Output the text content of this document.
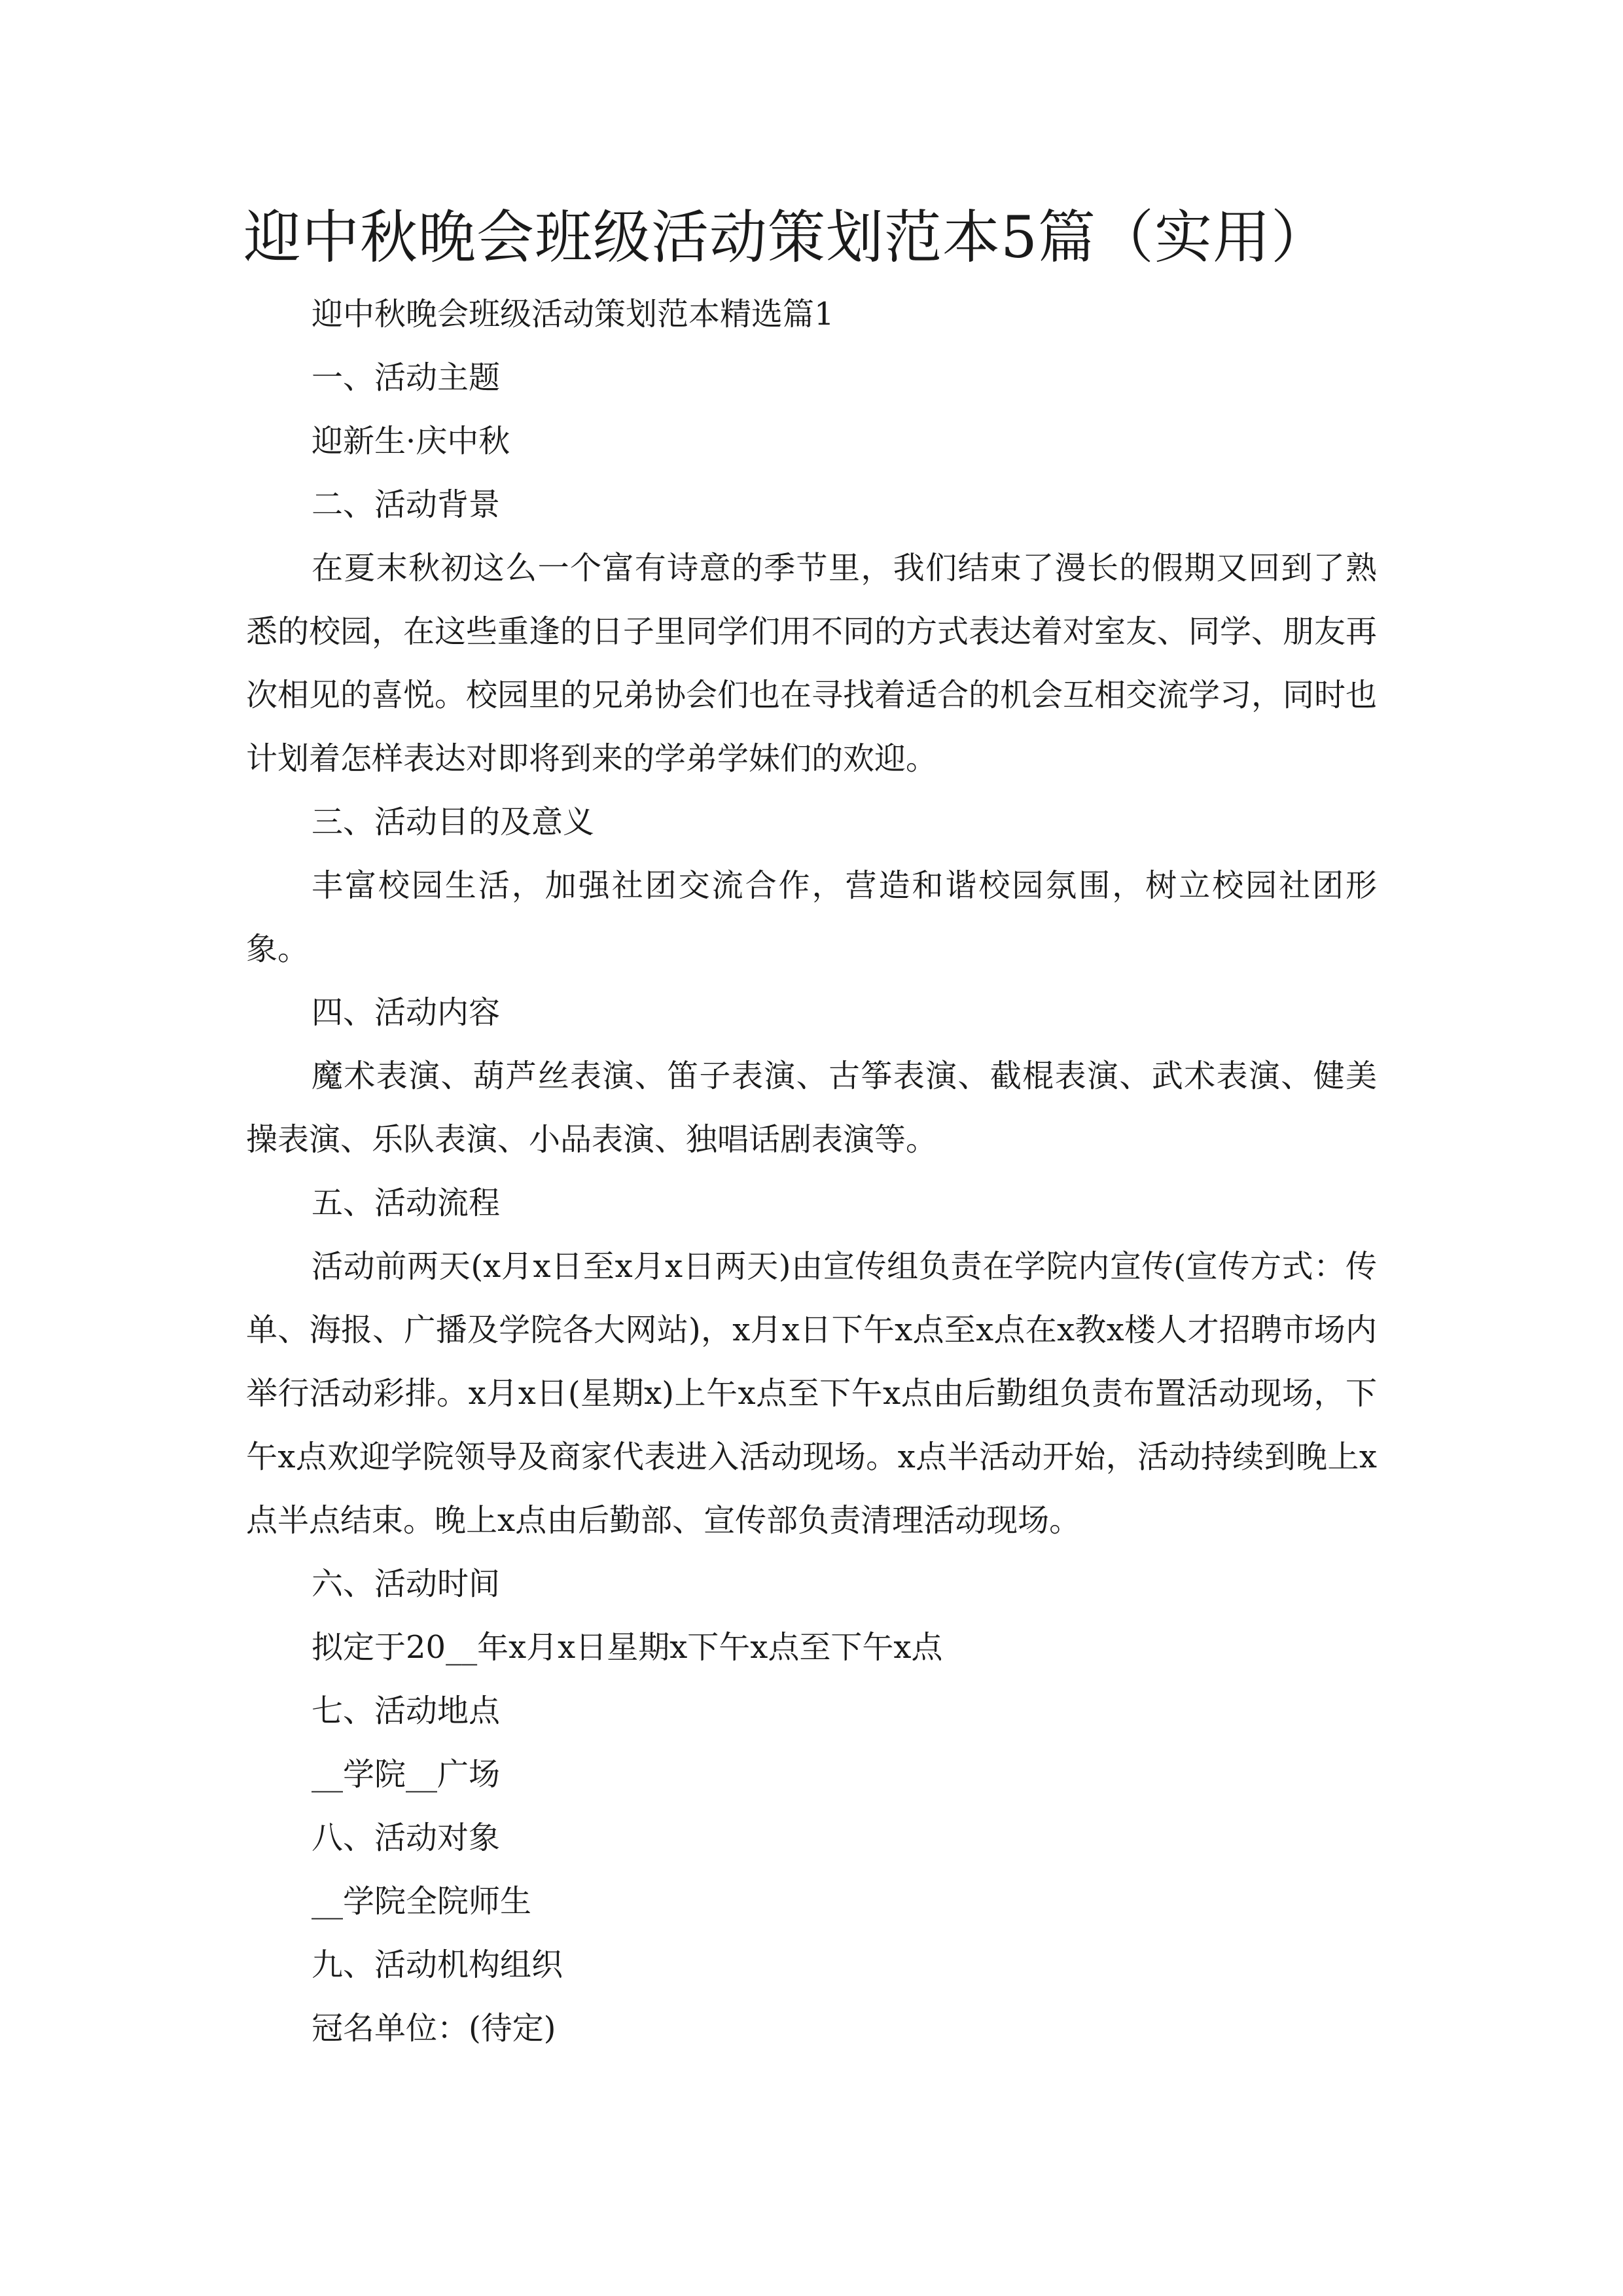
迎中秋晚会班级活动策划范本5篇（实用）

迎中秋晚会班级活动策划范本精选篇1

一、活动主题

迎新生·庆中秋

二、活动背景

在夏末秋初这么一个富有诗意的季节里，我们结束了漫长的假期又回到了熟悉的校园，在这些重逢的日子里同学们用不同的方式表达着对室友、同学、朋友再次相见的喜悦。校园里的兄弟协会们也在寻找着适合的机会互相交流学习，同时也计划着怎样表达对即将到来的学弟学妹们的欢迎。

三、活动目的及意义

丰富校园生活，加强社团交流合作，营造和谐校园氛围，树立校园社团形象。

四、活动内容

魔术表演、葫芦丝表演、笛子表演、古筝表演、截棍表演、武术表演、健美操表演、乐队表演、小品表演、独唱话剧表演等。

五、活动流程

活动前两天(x月x日至x月x日两天)由宣传组负责在学院内宣传(宣传方式：传单、海报、广播及学院各大网站)，x月x日下午x点至x点在x教x楼人才招聘市场内举行活动彩排。x月x日(星期x)上午x点至下午x点由后勤组负责布置活动现场，下午x点欢迎学院领导及商家代表进入活动现场。x点半活动开始，活动持续到晚上x点半点结束。晚上x点由后勤部、宣传部负责清理活动现场。

六、活动时间

拟定于20__年x月x日星期x下午x点至下午x点

七、活动地点

__学院__广场

八、活动对象

__学院全院师生

九、活动机构组织

冠名单位：(待定)
